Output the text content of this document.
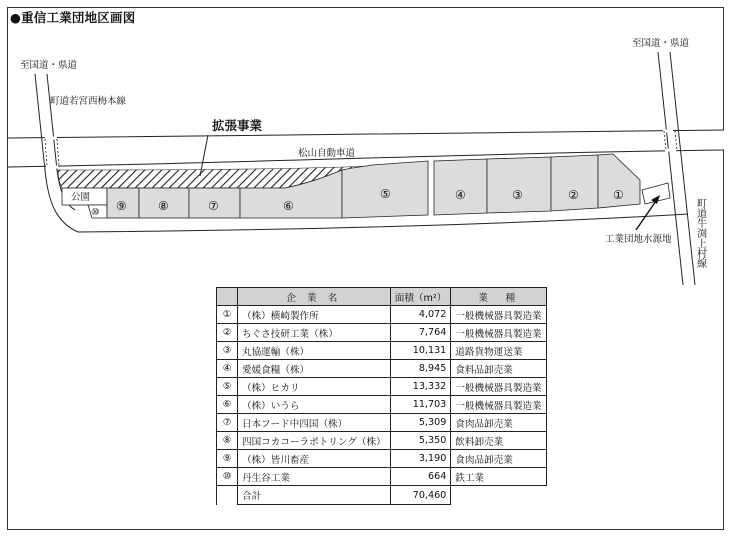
●重信工業団地区画図
至国道・県道
至国道・県道
町道若宮西梅本線
町道牛渕上村線
松山自動車道
拡張事業
公園
工業団地水源地
①
②
③
④
⑤
⑥
⑦
⑧
⑨
⑩
	企 業 名	面積（m²）	業　種
①	（株）横崎製作所	4,072	一般機械器具製造業
②	ちぐさ技研工業（株）	7,764	一般機械器具製造業
③	丸協運輸（株）	10,131	道路貨物運送業
④	愛媛食糧（株）	8,945	食料品卸売業
⑤	（株）ヒカリ	13,332	一般機械器具製造業
⑥	（株）いうら	11,703	一般機械器具製造業
⑦	日本フード中四国（株）	5,309	食肉品卸売業
⑧	四国コカコーラボトリング（株）	5,350	飲料卸売業
⑨	（株）皆川畜産	3,190	食肉品卸売業
⑩	丹生谷工業	664	鉄工業
	合計	70,460	
